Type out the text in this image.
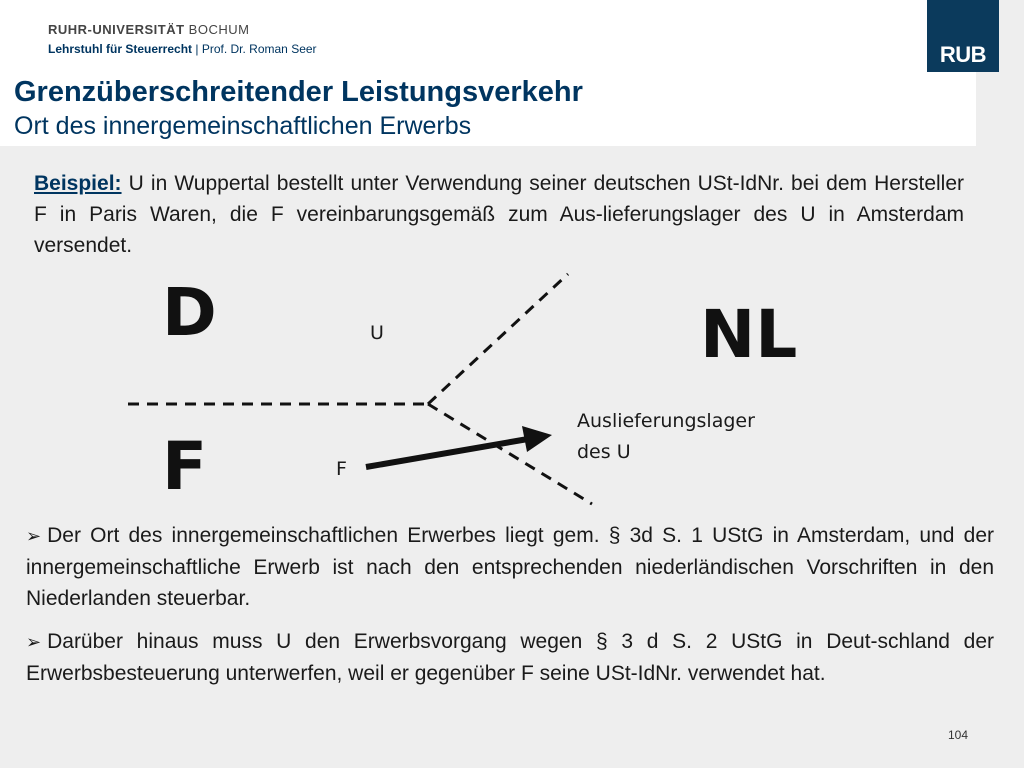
RUHR-UNIVERSITÄT BOCHUM
Lehrstuhl für Steuerrecht | Prof. Dr. Roman Seer	RUB
Grenzüberschreitender Leistungsverkehr
Ort des innergemeinschaftlichen Erwerbs
Beispiel: U in Wuppertal bestellt unter Verwendung seiner deutschen USt-IdNr. bei dem Hersteller F in Paris Waren, die F vereinbarungsgemäß zum Aus-lieferungslager des U in Amsterdam versendet.
D
F
NL
U
F
Auslieferungslager
des U
➢ Der Ort des innergemeinschaftlichen Erwerbes liegt gem. § 3d S. 1 UStG in Amsterdam, und der innergemeinschaftliche Erwerb ist nach den entsprechenden niederländischen Vorschriften in den Niederlanden steuerbar.
➢ Darüber hinaus muss U den Erwerbsvorgang wegen § 3 d S. 2 UStG in Deut-schland der Erwerbsbesteuerung unterwerfen, weil er gegenüber F seine USt-IdNr. verwendet hat.
104
